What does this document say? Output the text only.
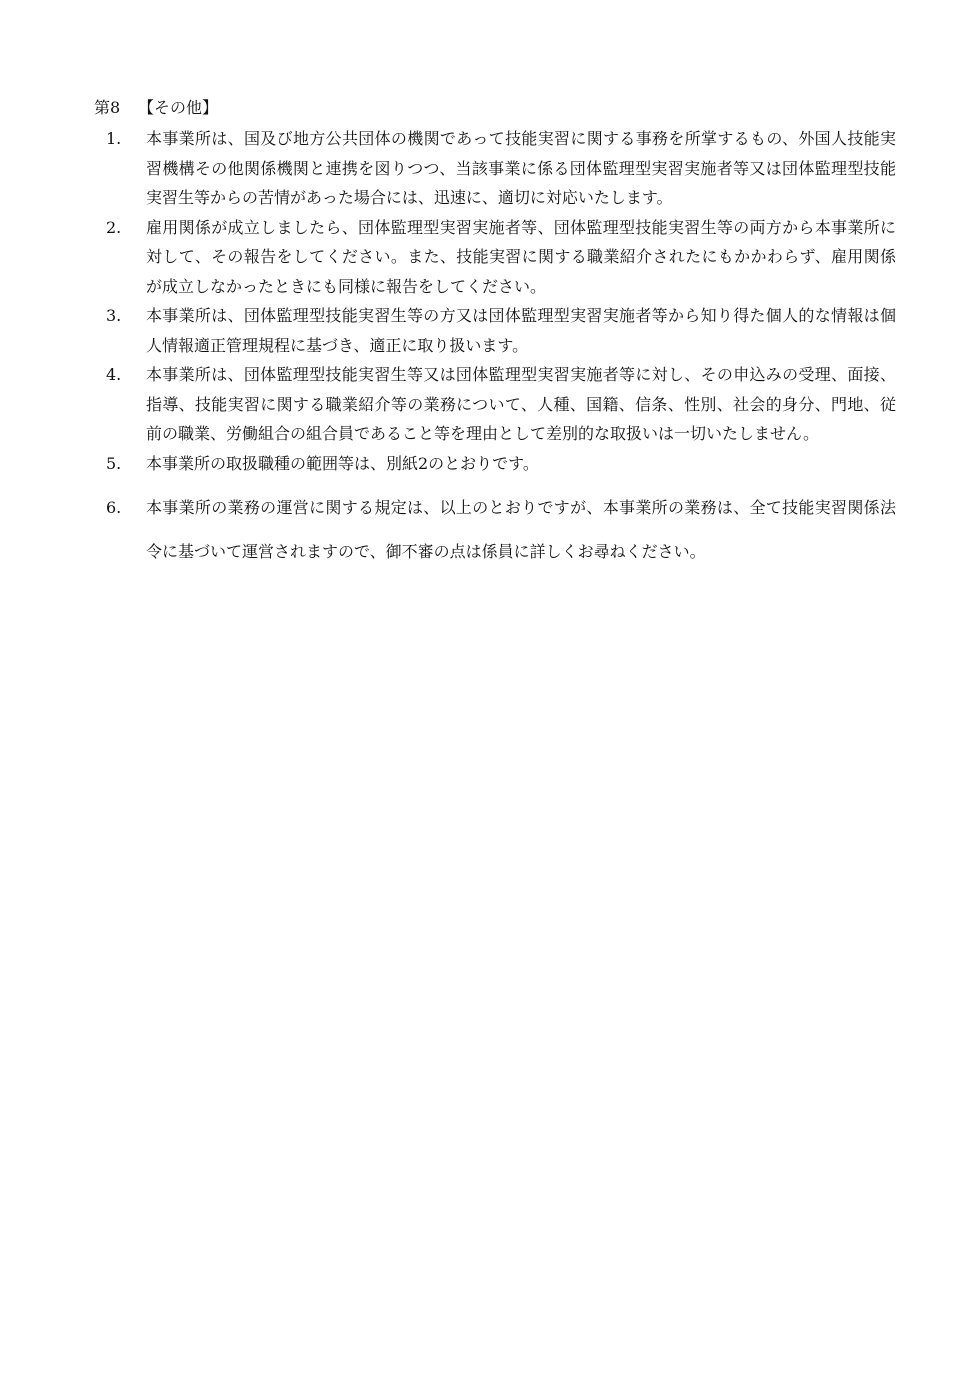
第8 【その他】
1.	本事業所は、国及び地方公共団体の機関であって技能実習に関する事務を所掌するもの、外国人技能実習機構その他関係機関と連携を図りつつ、当該事業に係る団体監理型実習実施者等又は団体監理型技能実習生等からの苦情があった場合には、迅速に、適切に対応いたします。
2.	雇用関係が成立しましたら、団体監理型実習実施者等、団体監理型技能実習生等の両方から本事業所に対して、その報告をしてください。また、技能実習に関する職業紹介されたにもかかわらず、雇用関係が成立しなかったときにも同様に報告をしてください。
3.	本事業所は、団体監理型技能実習生等の方又は団体監理型実習実施者等から知り得た個人的な情報は個人情報適正管理規程に基づき、適正に取り扱います。
4.	本事業所は、団体監理型技能実習生等又は団体監理型実習実施者等に対し、その申込みの受理、面接、指導、技能実習に関する職業紹介等の業務について、人種、国籍、信条、性別、社会的身分、門地、従前の職業、労働組合の組合員であること等を理由として差別的な取扱いは一切いたしません。
5.	本事業所の取扱職種の範囲等は、別紙2のとおりです。
6.	本事業所の業務の運営に関する規定は、以上のとおりですが、本事業所の業務は、全て技能実習関係法令に基づいて運営されますので、御不審の点は係員に詳しくお尋ねください。
